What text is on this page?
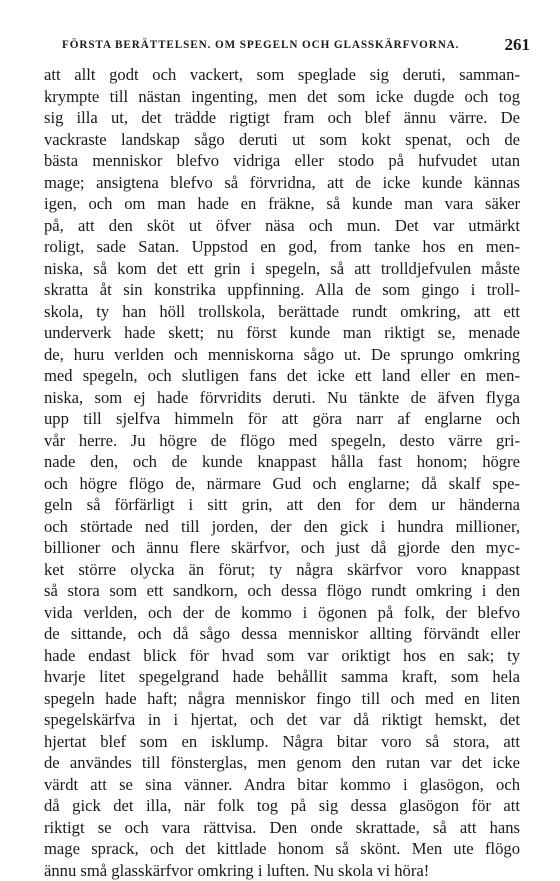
FÖRSTA BERÄTTELSEN. OM SPEGELN OCH GLASSKÄRFVORNA.	261
att allt godt och vackert, som speglade sig deruti, samman-
krympte till nästan ingenting, men det som icke dugde och tog
sig illa ut, det trädde rigtigt fram och blef ännu värre. De
vackraste landskap sågo deruti ut som kokt spenat, och de
bästa menniskor blefvo vidriga eller stodo på hufvudet utan
mage; ansigtena blefvo så förvridna, att de icke kunde kännas
igen, och om man hade en fräkne, så kunde man vara säker
på, att den sköt ut öfver näsa och mun. Det var utmärkt
roligt, sade Satan. Uppstod en god, from tanke hos en men-
niska, så kom det ett grin i spegeln, så att trolldjefvulen måste
skratta åt sin konstrika uppfinning. Alla de som gingo i troll-
skola, ty han höll trollskola, berättade rundt omkring, att ett
underverk hade skett; nu först kunde man riktigt se, menade
de, huru verlden och menniskorna sågo ut. De sprungo omkring
med spegeln, och slutligen fans det icke ett land eller en men-
niska, som ej hade förvridits deruti. Nu tänkte de äfven flyga
upp till sjelfva himmeln för att göra narr af englarne och
vår herre. Ju högre de flögo med spegeln, desto värre gri-
nade den, och de kunde knappast hålla fast honom; högre
och högre flögo de, närmare Gud och englarne; då skalf spe-
geln så förfärligt i sitt grin, att den for dem ur händerna
och störtade ned till jorden, der den gick i hundra millioner,
billioner och ännu flere skärfvor, och just då gjorde den myc-
ket större olycka än förut; ty några skärfvor voro knappast
så stora som ett sandkorn, och dessa flögo rundt omkring i den
vida verlden, och der de kommo i ögonen på folk, der blefvo
de sittande, och då sågo dessa menniskor allting förvändt eller
hade endast blick för hvad som var oriktigt hos en sak; ty
hvarje litet spegelgrand hade behållit samma kraft, som hela
spegeln hade haft; några menniskor fingo till och med en liten
spegelskärfva in i hjertat, och det var då riktigt hemskt, det
hjertat blef som en isklump. Några bitar voro så stora, att
de användes till fönsterglas, men genom den rutan var det icke
värdt att se sina vänner. Andra bitar kommo i glasögon, och
då gick det illa, när folk tog på sig dessa glasögon för att
riktigt se och vara rättvisa. Den onde skrattade, så att hans
mage sprack, och det kittlade honom så skönt. Men ute flögo
ännu små glasskärfvor omkring i luften. Nu skola vi höra!
